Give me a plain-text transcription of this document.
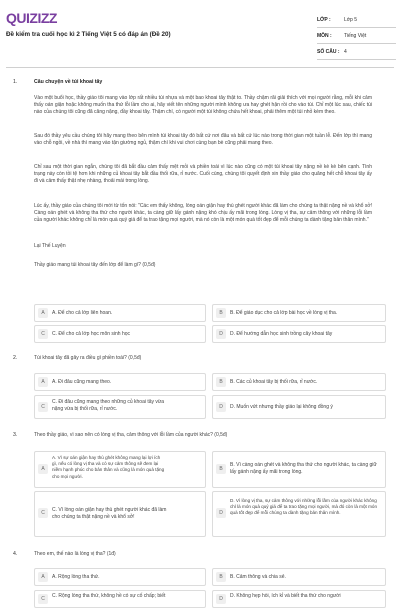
QUIZIZZ
Đề kiểm tra cuối học kì 2 Tiếng Việt 5 có đáp án (Đề 20)
LỚP :	Lớp 5
MÔN :	Tiếng Việt
SỐ CÂU : 4
1.	Câu chuyện về túi khoai tây
Vào một buổi học, thầy giáo tôi mang vào lớp rất nhiều túi nhựa và một bao khoai tây thật to. Thầy chậm rãi giải thích với mọi người rằng, mỗi khi cảm thấy oán giận hoặc không muốn tha thứ lỗi lầm cho ai, hãy viết tên những người mình không ưa hay ghét hận rồi cho vào túi. Chỉ một lúc sau, chiếc túi nào của chúng tôi cũng đã căng nặng, đầy khoai tây. Thậm chí, có người một túi không chứa hết khoai, phải thêm một túi nhỏ kèm theo.
Sau đó thầy yêu cầu chúng tôi hãy mang theo bên mình túi khoai tây đó bất cứ nơi đâu và bất cứ lúc nào trong thời gian một tuần lễ. Đến lớp thì mang vào chỗ ngồi, về nhà thì mang vào tận giường ngủ, thậm chí khi vui chơi cùng bạn bè cũng phải mang theo.
Chỉ sau một thời gian ngắn, chúng tôi đã bắt đầu cảm thấy mệt mỏi và phiền toái vì lúc nào cũng có một túi khoai tây nặng nề kè kè bên cạnh. Tình trạng này còn tồi tệ hơn khi những củ khoai tây bắt đầu thối rữa, rỉ nước. Cuối cùng, chúng tôi quyết định xin thầy giáo cho quăng hết chỗ khoai tây ấy đi và cảm thấy thật nhẹ nhàng, thoải mái trong lòng.
Lúc ấy, thầy giáo của chúng tôi mới từ tốn nói: "Các em thấy không, lòng oán giận hay thù ghét người khác đã làm cho chúng ta thật nặng nề và khổ sở! Càng oán ghét và không tha thứ cho người khác, ta càng giữ lấy gánh nặng khó chịu ấy mãi trong lòng. Lòng vị tha, sự cảm thông với những lỗi lầm của người khác không chỉ là món quà quý giá để ta trao tặng mọi người, mà nó còn là một món quà tốt đẹp để mỗi chúng ta dành tặng bản thân mình."
Lại Thế Luyện
Thầy giáo mang túi khoai tây đến lớp để làm gì? (0,5đ)
A	A. Để cho cả lớp liên hoan.	B	B. Để giáo dục cho cả lớp bài học về lòng vị tha.
C	C. Để cho cả lớp học môn sinh học	D	D. Để hướng dẫn học sinh trồng cây khoai tây
2.	Túi khoai tây đã gây ra điều gì phiền toái? (0,5đ)
A	A. Đi đâu cũng mang theo.	B	B. Các củ khoai tây bị thối rữa, rỉ nước.
C
C. Đi đâu cũng mang theo những củ khoai tây vừa nặng vừa bị thối rữa, rỉ nước.	D	D. Muốn vứt nhưng thầy giáo lại không đồng ý
3.	Theo thầy giáo, vì sao nên có lòng vị tha, cảm thông với lỗi lầm của người khác? (0,5đ)
A
A. Vì sự oán giận hay thù ghét không mang lại lợi ích gì, nếu có lòng vị tha và có sự cảm thông sẽ đem lại niềm hạnh phúc cho bản thân và cũng là món quà tặng cho mọi người.
B
B. Vì càng oán ghét và không tha thứ cho người khác, ta càng giữ lấy gánh nặng ấy mãi trong lòng.
C	C. Vì lòng oán giận hay thù ghét người khác đã làm cho chúng ta thật nặng nề và khổ sở!
D
D. Vì lòng vị tha, sự cảm thông với những lỗi lầm của người khác không chỉ là món quà quý giá để ta trao tặng mọi người, mà đó còn là một món quà tốt đẹp để mỗi chúng ta dành tặng bản thân mình.
4.	Theo em, thế nào là lòng vị tha? (1đ)
A	A. Rộng lòng tha thứ.	B	B. Cảm thông và chia sẻ.
C	C. Rộng lòng tha thứ, không hề có sự cố chấp; biết	D	D. Không hẹp hòi, ích kỉ và biết tha thứ cho người
